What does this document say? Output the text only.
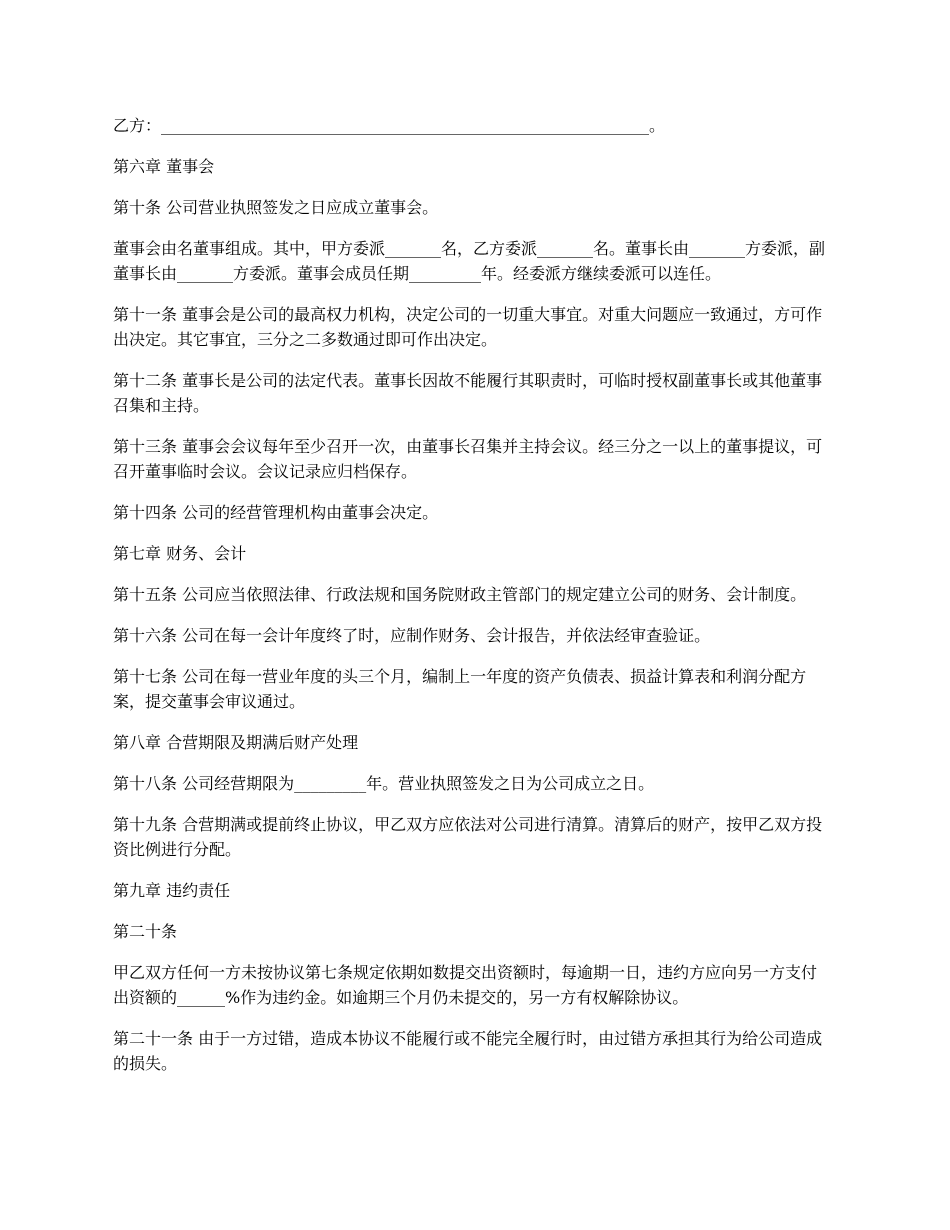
乙方：_____________________________________________________________。

第六章 董事会

第十条 公司营业执照签发之日应成立董事会。

董事会由名董事组成。其中，甲方委派_______名，乙方委派_______名。董事长由_______方委派，副董事长由_______方委派。董事会成员任期_________年。经委派方继续委派可以连任。

第十一条 董事会是公司的最高权力机构，决定公司的一切重大事宜。对重大问题应一致通过，方可作出决定。其它事宜，三分之二多数通过即可作出决定。

第十二条 董事长是公司的法定代表。董事长因故不能履行其职责时，可临时授权副董事长或其他董事召集和主持。

第十三条 董事会会议每年至少召开一次，由董事长召集并主持会议。经三分之一以上的董事提议，可召开董事临时会议。会议记录应归档保存。

第十四条 公司的经营管理机构由董事会决定。

第七章 财务、会计

第十五条 公司应当依照法律、行政法规和国务院财政主管部门的规定建立公司的财务、会计制度。

第十六条 公司在每一会计年度终了时，应制作财务、会计报告，并依法经审查验证。

第十七条 公司在每一营业年度的头三个月，编制上一年度的资产负债表、损益计算表和利润分配方案，提交董事会审议通过。

第八章 合营期限及期满后财产处理

第十八条 公司经营期限为_________年。营业执照签发之日为公司成立之日。

第十九条 合营期满或提前终止协议，甲乙双方应依法对公司进行清算。清算后的财产，按甲乙双方投资比例进行分配。

第九章 违约责任

第二十条

甲乙双方任何一方未按协议第七条规定依期如数提交出资额时，每逾期一日，违约方应向另一方支付出资额的______%作为违约金。如逾期三个月仍未提交的，另一方有权解除协议。

第二十一条 由于一方过错，造成本协议不能履行或不能完全履行时，由过错方承担其行为给公司造成的损失。
